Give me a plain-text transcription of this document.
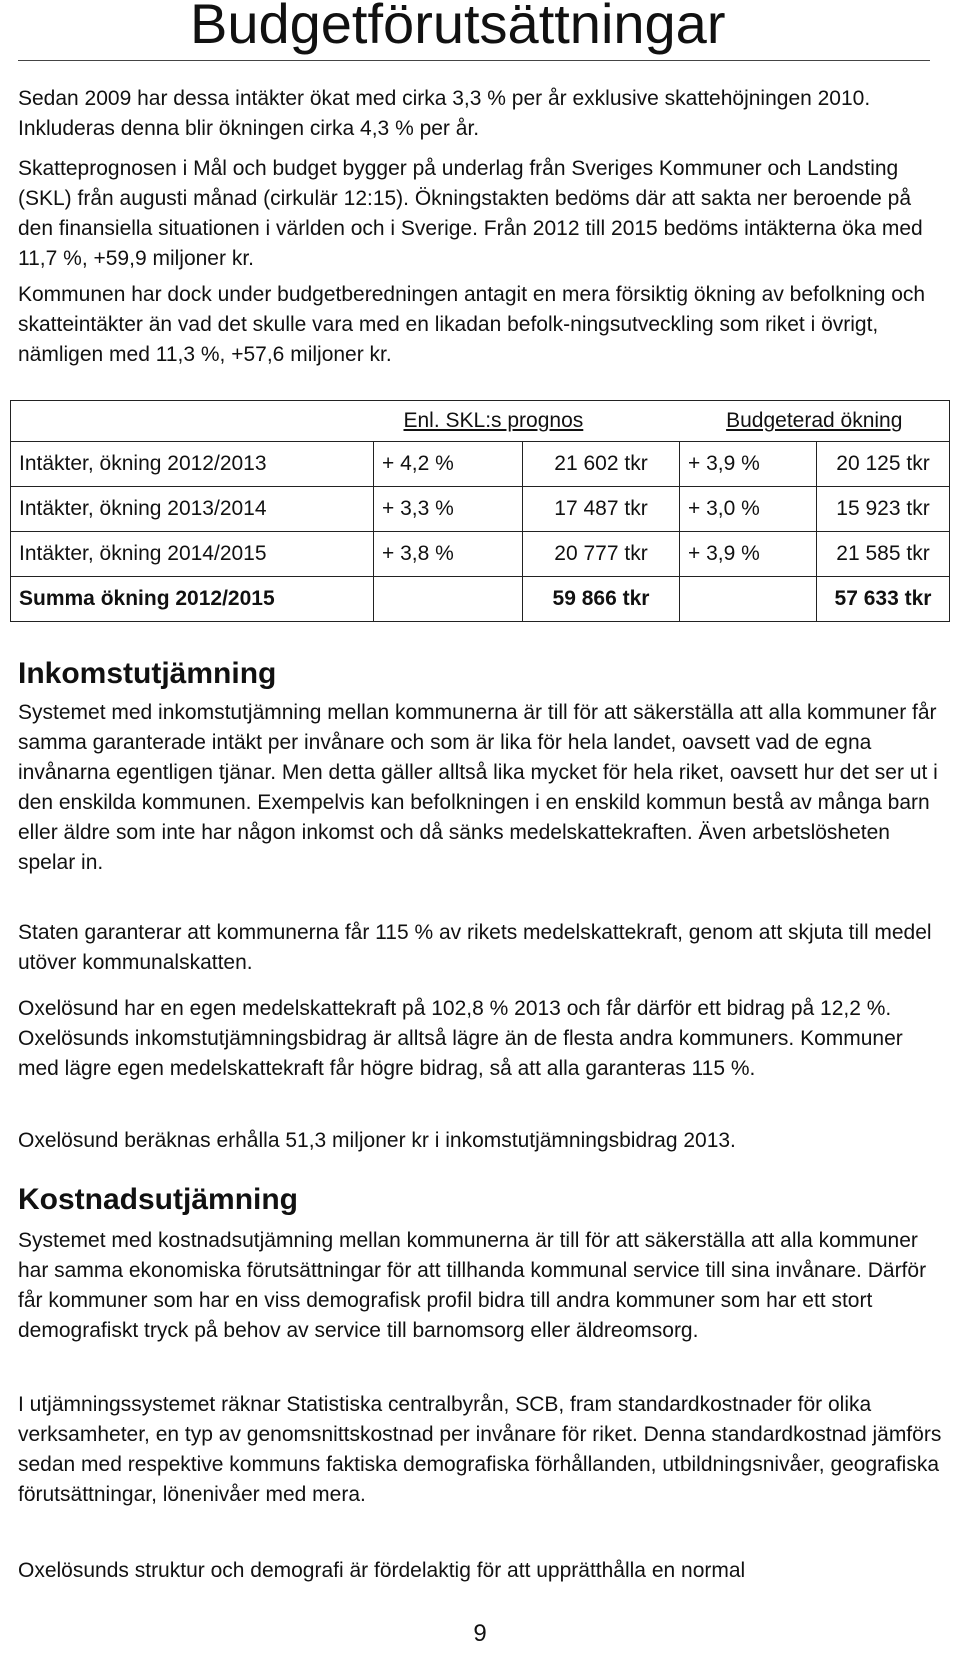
Budgetförutsättningar

Sedan 2009 har dessa intäkter ökat med cirka 3,3 % per år exklusive skattehöjningen 2010. Inkluderas denna blir ökningen cirka 4,3 % per år.

Skatteprognosen i Mål och budget bygger på underlag från Sveriges Kommuner och Landsting (SKL) från augusti månad (cirkulär 12:15). Ökningstakten bedöms där att sakta ner beroende på den finansiella situationen i världen och i Sverige. Från 2012 till 2015 bedöms intäkterna öka med 11,7 %, +59,9 miljoner kr.

Kommunen har dock under budgetberedningen antagit en mera försiktig ökning av befolkning och skatteintäkter än vad det skulle vara med en likadan befolk-ningsutveckling som riket i övrigt, nämligen med 11,3 %, +57,6 miljoner kr.

	Enl. SKL:s prognos		Budgeterad ökning	
Intäkter, ökning 2012/2013	+ 4,2 %	21 602 tkr	+ 3,9 %	20 125 tkr
Intäkter, ökning 2013/2014	+ 3,3 %	17 487 tkr	+ 3,0 %	15 923 tkr
Intäkter, ökning 2014/2015	+ 3,8 %	20 777 tkr	+ 3,9 %	21 585 tkr
Summa ökning 2012/2015		59 866 tkr		57 633 tkr
Inkomstutjämning

Systemet med inkomstutjämning mellan kommunerna är till för att säkerställa att alla kommuner får samma garanterade intäkt per invånare och som är lika för hela landet, oavsett vad de egna invånarna egentligen tjänar. Men detta gäller alltså lika mycket för hela riket, oavsett hur det ser ut i den enskilda kommunen. Exempelvis kan befolkningen i en enskild kommun bestå av många barn eller äldre som inte har någon inkomst och då sänks medelskattekraften. Även arbetslösheten spelar in.

Staten garanterar att kommunerna får 115 % av rikets medelskattekraft, genom att skjuta till medel utöver kommunalskatten.

Oxelösund har en egen medelskattekraft på 102,8 % 2013 och får därför ett bidrag på 12,2 %. Oxelösunds inkomstutjämningsbidrag är alltså lägre än de flesta andra kommuners. Kommuner med lägre egen medelskattekraft får högre bidrag, så att alla garanteras 115 %.

Oxelösund beräknas erhålla 51,3 miljoner kr i inkomstutjämningsbidrag 2013.

Kostnadsutjämning

Systemet med kostnadsutjämning mellan kommunerna är till för att säkerställa att alla kommuner har samma ekonomiska förutsättningar för att tillhanda kommunal service till sina invånare. Därför får kommuner som har en viss demografisk profil bidra till andra kommuner som har ett stort demografiskt tryck på behov av service till barnomsorg eller äldreomsorg.

I utjämningssystemet räknar Statistiska centralbyrån, SCB, fram standardkostnader för olika verksamheter, en typ av genomsnittskostnad per invånare för riket. Denna standardkostnad jämförs sedan med respektive kommuns faktiska demografiska förhållanden, utbildningsnivåer, geografiska förutsättningar, lönenivåer med mera.

Oxelösunds struktur och demografi är fördelaktig för att upprätthålla en normal

9
